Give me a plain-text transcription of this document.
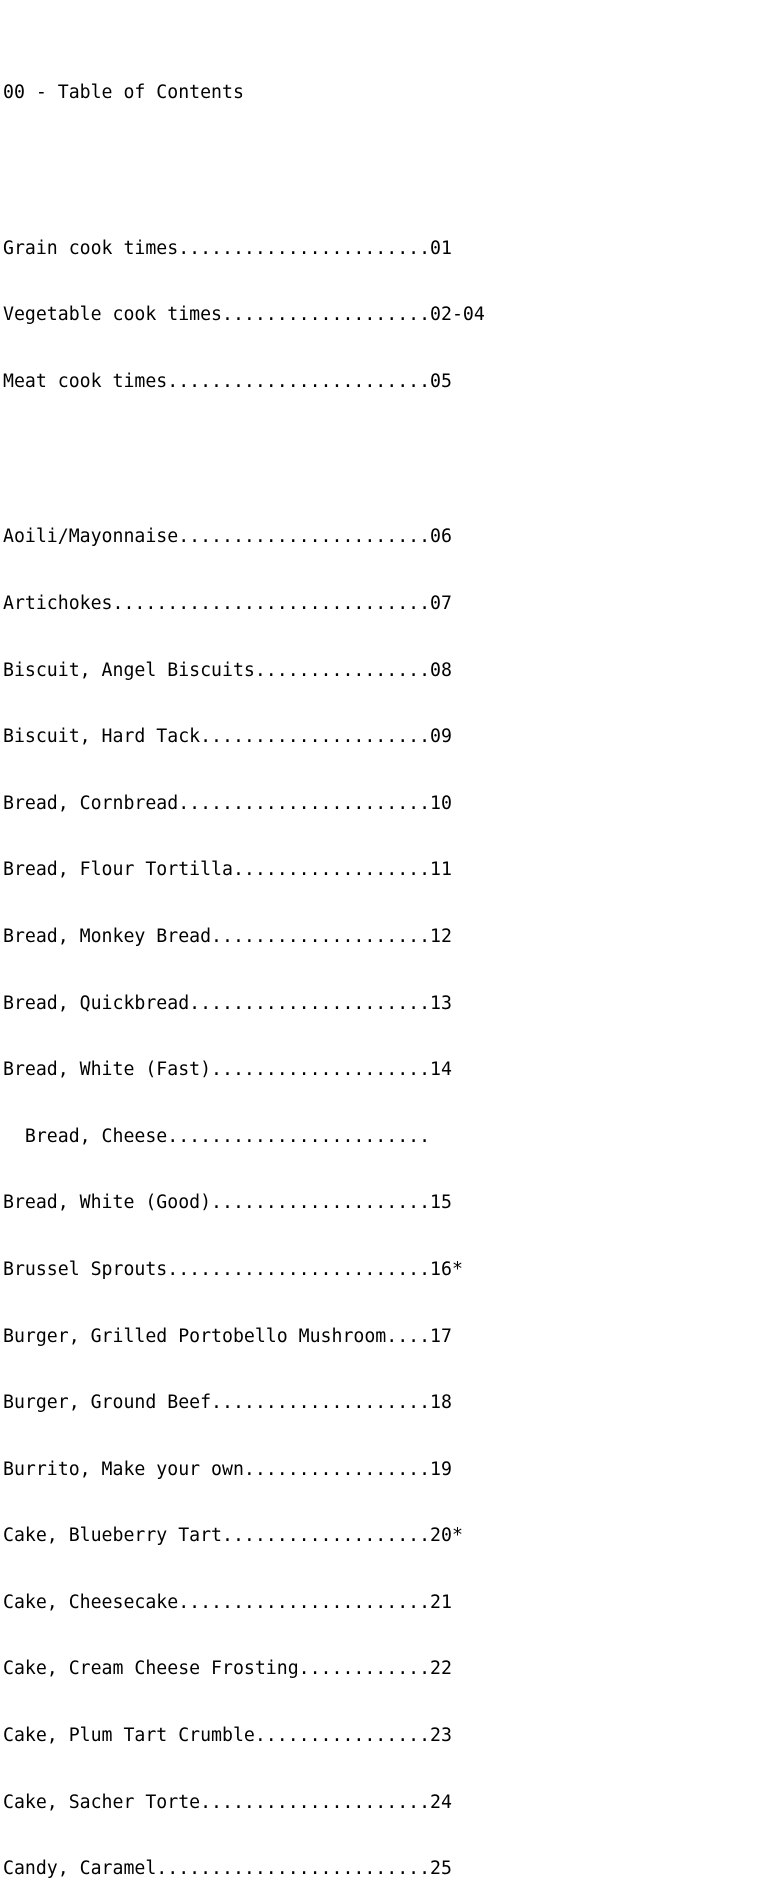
00 - Table of Contents

Grain cook times.......................01

Vegetable cook times...................02-04

Meat cook times........................05

Aoili/Mayonnaise.......................06

Artichokes.............................07

Biscuit, Angel Biscuits................08

Biscuit, Hard Tack.....................09

Bread, Cornbread.......................10

Bread, Flour Tortilla..................11

Bread, Monkey Bread....................12

Bread, Quickbread......................13

Bread, White (Fast)....................14

Bread, Cheese........................

Bread, White (Good)....................15

Brussel Sprouts........................16*

Burger, Grilled Portobello Mushroom....17

Burger, Ground Beef....................18

Burrito, Make your own.................19

Cake, Blueberry Tart...................20*

Cake, Cheesecake.......................21

Cake, Cream Cheese Frosting............22

Cake, Plum Tart Crumble................23

Cake, Sacher Torte.....................24

Candy, Caramel.........................25
